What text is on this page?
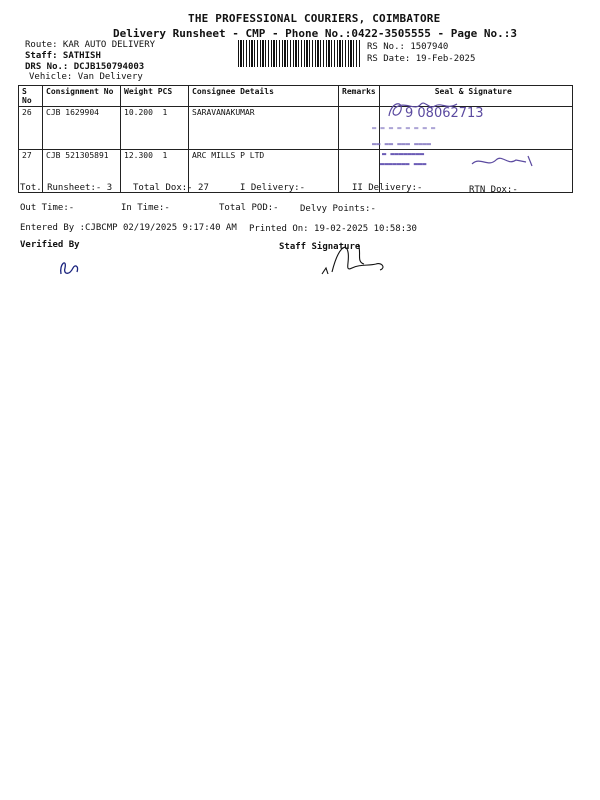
THE PROFESSIONAL COURIERS, COIMBATORE
Delivery Runsheet - CMP - Phone No.:0422-3505555 - Page No.:3
Route: KAR AUTO DELIVERY
Staff: SATHISH
DRS No.: DCJB150794003
Vehicle: Van Delivery
RS No.: 1507940
RS Date: 19-Feb-2025
S No	Consignment No	Weight PCS	Consignee Details	Remarks	Seal & Signature
26	CJB 1629904	10.200 1	SARAVANAKUMAR		
27	CJB 521305891	12.300 1	ARC MILLS P LTD		
9 08062713
▬ ▬ ▬ ▬ ▬ ▬ ▬ ▬
▬▬ ▬▬ ▬▬▬ ▬▬▬▬
▬ ▬▬▬▬▬▬▬▬
▬▬▬▬▬▬▬ ▬▬▬
Tot. Runsheet:- 3 Total Dox:- 27	I Delivery:-	II Delivery:-	RTN Dox:-
Out Time:-	In Time:-	Total POD:- Delvy Points:-
Entered By :CJBCMP 02/19/2025 9:17:40 AM Printed On: 19-02-2025 10:58:30
Verified By	Staff Signature
